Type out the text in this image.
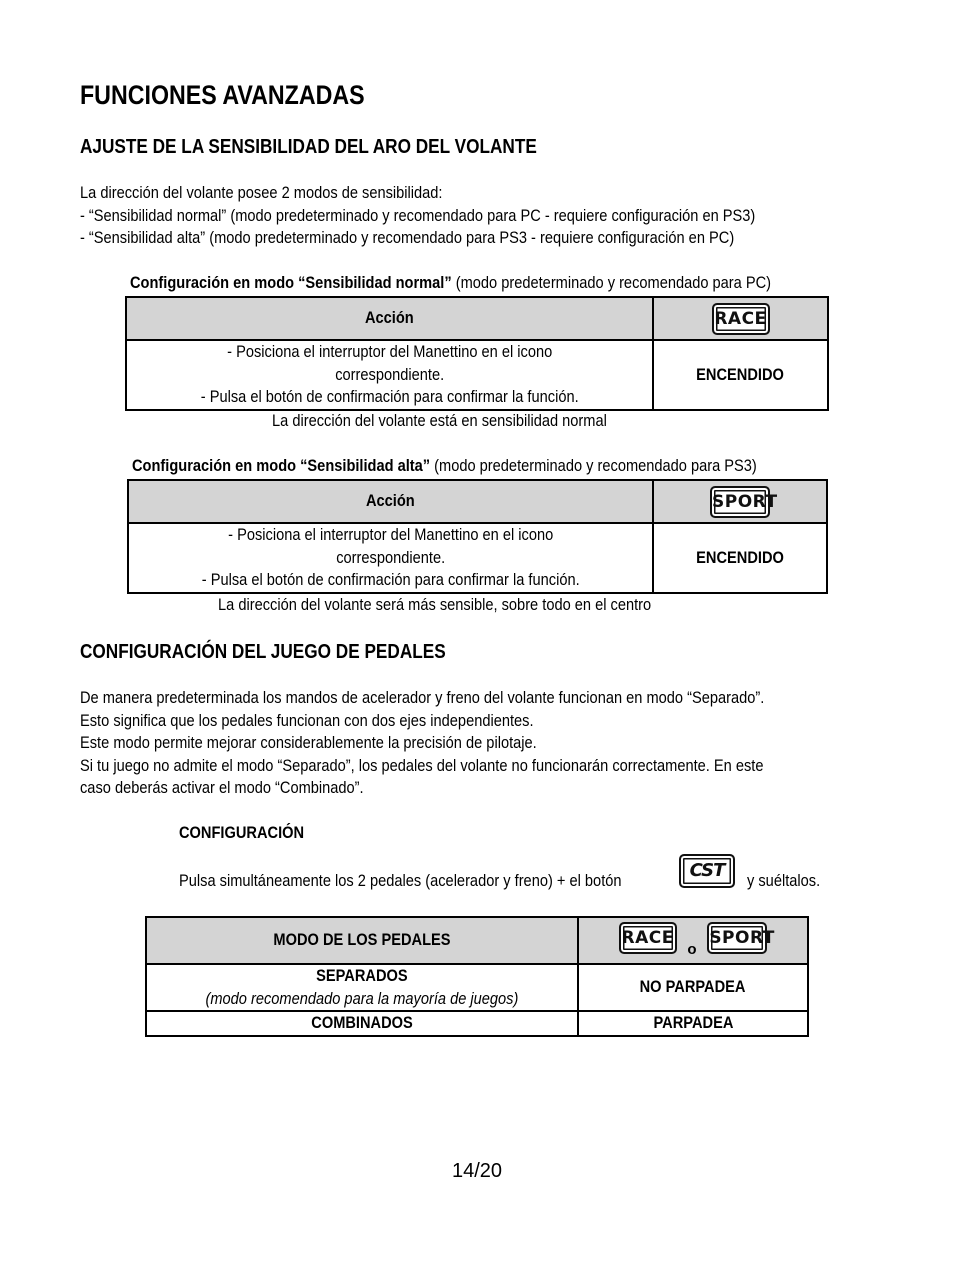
FUNCIONES AVANZADAS
AJUSTE DE LA SENSIBILIDAD DEL ARO DEL VOLANTE
La dirección del volante posee 2 modos de sensibilidad:
- “Sensibilidad normal” (modo predeterminado y recomendado para PC - requiere configuración en PS3)
- “Sensibilidad alta” (modo predeterminado y recomendado para PS3 - requiere configuración en PC)
Configuración en modo “Sensibilidad normal” (modo predeterminado y recomendado para PC)
Acción	RACE

- Posiciona el interruptor del Manettino en el icono
correspondiente.
- Pulsa el botón de confirmación para confirmar la función.	ENCENDIDO
La dirección del volante está en sensibilidad normal
Configuración en modo “Sensibilidad alta” (modo predeterminado y recomendado para PS3)
Acción	SPORT

- Posiciona el interruptor del Manettino en el icono
correspondiente.
- Pulsa el botón de confirmación para confirmar la función.	ENCENDIDO
La dirección del volante será más sensible, sobre todo en el centro
CONFIGURACIÓN DEL JUEGO DE PEDALES
De manera predeterminada los mandos de acelerador y freno del volante funcionan en modo “Separado”.
Esto significa que los pedales funcionan con dos ejes independientes.
Este modo permite mejorar considerablemente la precisión de pilotaje.
Si tu juego no admite el modo “Separado”, los pedales del volante no funcionarán correctamente. En este
caso deberás activar el modo “Combinado”.
CONFIGURACIÓN
Pulsa simultáneamente los 2 pedales (acelerador y freno) + el botón	CST	y suéltalos.
MODO DE LOS PEDALES	RACE o SPORT

SEPARADOS
(modo recomendado para la mayoría de juegos)	NO PARPADEA
COMBINADOS	PARPADEA
14/20
